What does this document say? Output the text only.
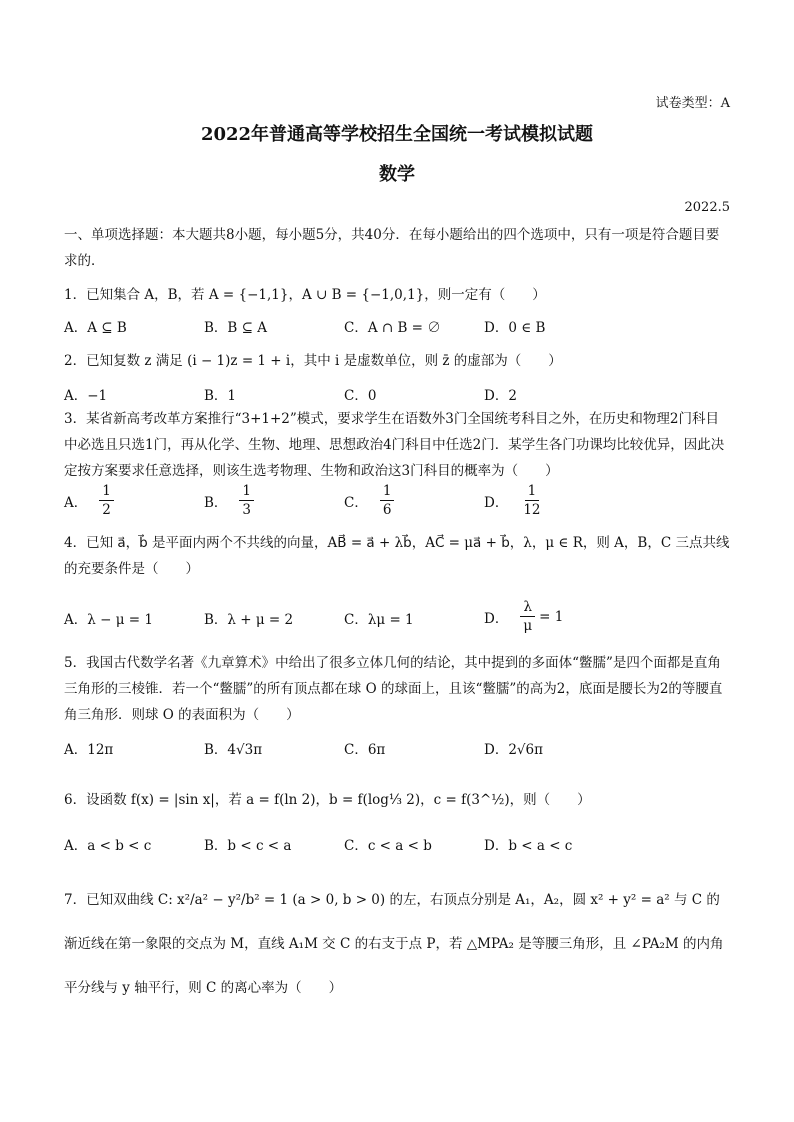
试卷类型：A
2022年普通高等学校招生全国统一考试模拟试题
数学
2022.5
一、单项选择题：本大题共8小题，每小题5分，共40分．在每小题给出的四个选项中，只有一项是符合题目要求的．
1．已知集合 A，B，若 A = {−1,1}，A ∪ B = {−1,0,1}，则一定有（　　）
A．A ⊆ B	B．B ⊆ A	C．A ∩ B = ∅	D．0 ∈ B
2．已知复数 z 满足 (i − 1)z = 1 + i，其中 i 是虚数单位，则 z̄ 的虚部为（　　）
A．−1	B．1	C．0	D．2
3．某省新高考改革方案推行“3+1+2”模式，要求学生在语数外3门全国统考科目之外，在历史和物理2门科目中必选且只选1门，再从化学、生物、地理、思想政治4门科目中任选2门．某学生各门功课均比较优异，因此决定按方案要求任意选择，则该生选考物理、生物和政治这3门科目的概率为（　　）
A． $\frac{1}{2}$	B． $\frac{1}{3}$	C． $\frac{1}{6}$	D． $\frac{1}{12}$
4．已知 a⃗，b⃗ 是平面内两个不共线的向量，AB⃗ = a⃗ + λb⃗，AC⃗ = μa⃗ + b⃗，λ，μ ∈ R，则 A，B，C 三点共线的充要条件是（　　）
A．λ − μ = 1	B．λ + μ = 2	C．λμ = 1	D． $\frac{\lambda}{\mu} = 1$
5．我国古代数学名著《九章算术》中给出了很多立体几何的结论，其中提到的多面体“鳖臑”是四个面都是直角三角形的三棱锥．若一个“鳖臑”的所有顶点都在球 O 的球面上，且该“鳖臑”的高为2，底面是腰长为2的等腰直角三角形．则球 O 的表面积为（　　）
A．12π	B．4√3π	C．6π	D．2√6π
6．设函数 f(x) = |sin x|，若 a = f(ln 2)，b = f(log⅓ 2)，c = f(3^½)，则（　　）
A．a < b < c	B．b < c < a	C．c < a < b	D．b < a < c
7．已知双曲线 C: x²/a² − y²/b² = 1 (a > 0, b > 0) 的左，右顶点分别是 A₁，A₂，圆 x² + y² = a² 与 C 的渐近线在第一象限的交点为 M，直线 A₁M 交 C 的右支于点 P，若 △MPA₂ 是等腰三角形，且 ∠PA₂M 的内角平分线与 y 轴平行，则 C 的离心率为（　　）
